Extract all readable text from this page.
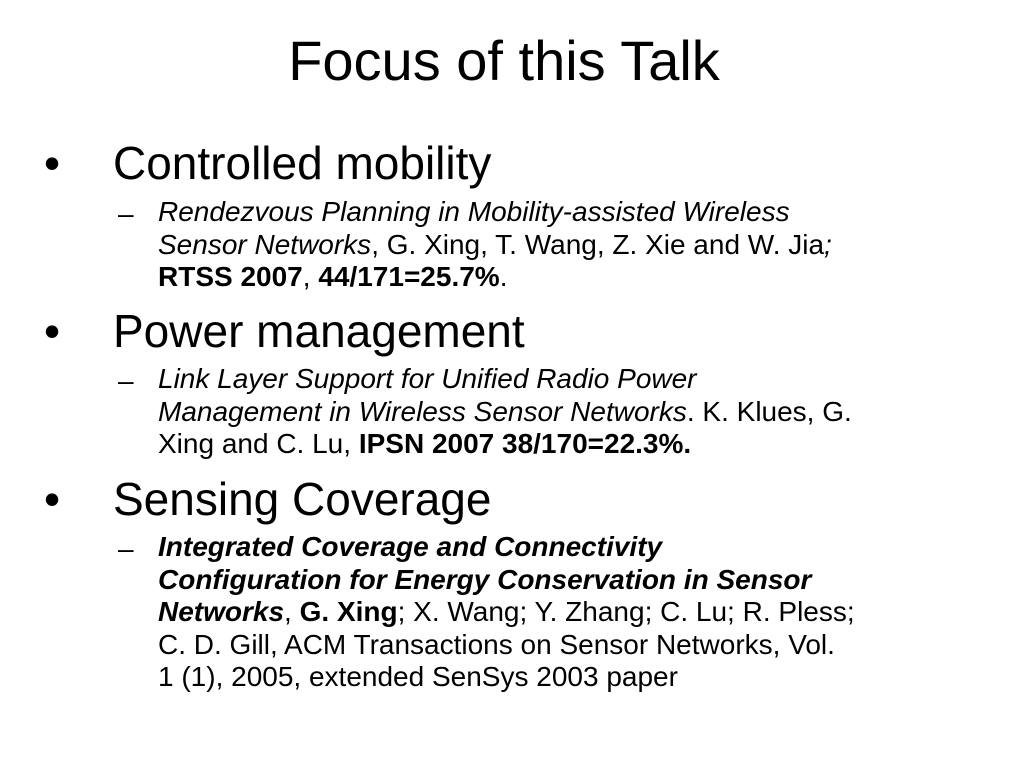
Focus of this Talk
• Controlled mobility
– Rendezvous Planning in Mobility-assisted Wireless
Sensor Networks, G. Xing, T. Wang, Z. Xie and W. Jia;
RTSS 2007, 44/171=25.7%.
• Power management
– Link Layer Support for Unified Radio Power
Management in Wireless Sensor Networks. K. Klues, G.
Xing and C. Lu, IPSN 2007 38/170=22.3%.
• Sensing Coverage
– Integrated Coverage and Connectivity
Configuration for Energy Conservation in Sensor
Networks, G. Xing; X. Wang; Y. Zhang; C. Lu; R. Pless;
C. D. Gill, ACM Transactions on Sensor Networks, Vol.
1 (1), 2005, extended SenSys 2003 paper
